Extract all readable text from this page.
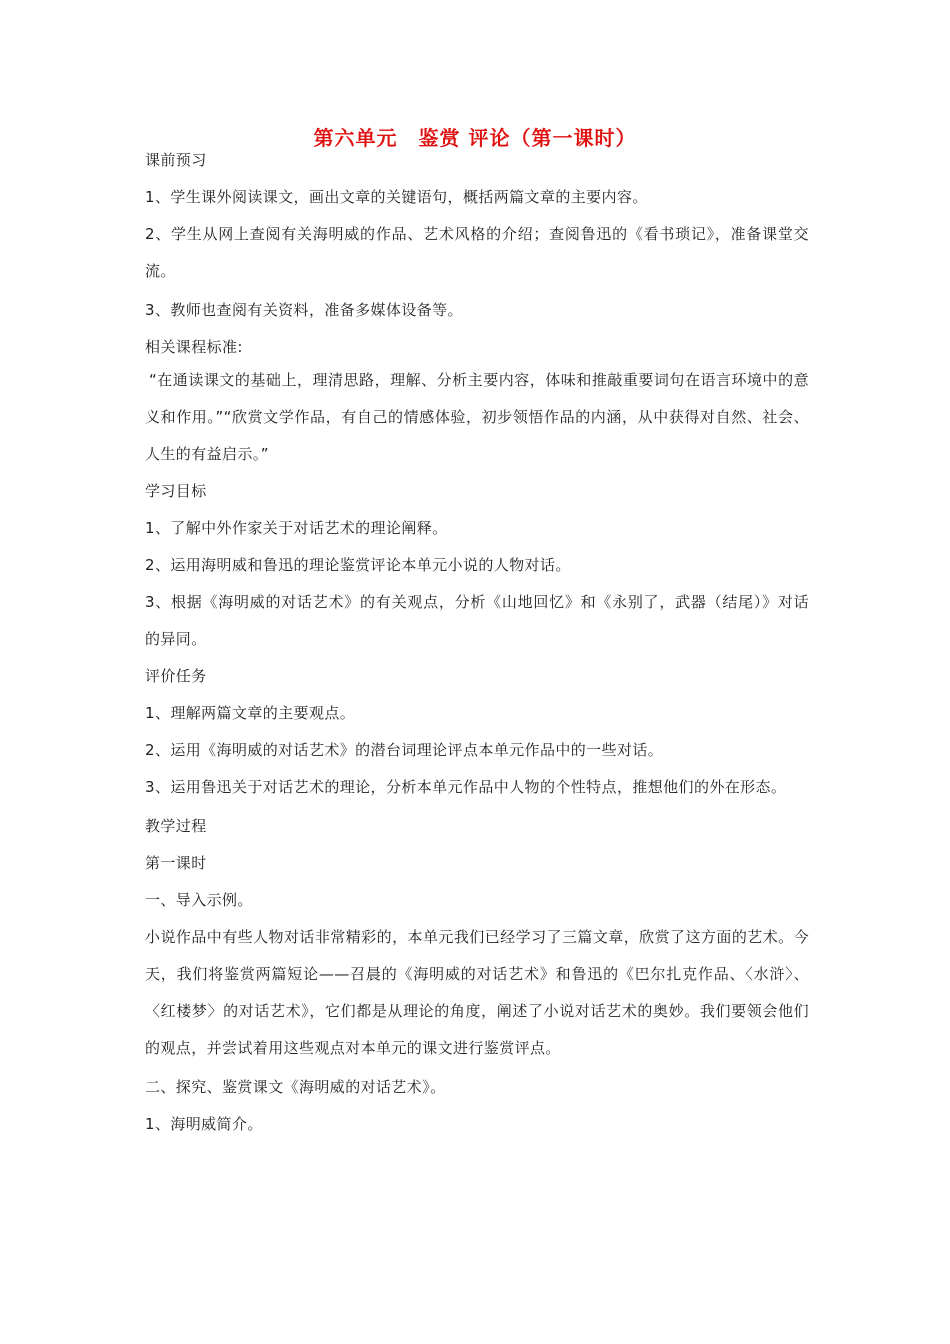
第六单元　鉴赏 评论（第一课时）

课前预习

1、学生课外阅读课文，画出文章的关键语句，概括两篇文章的主要内容。

2、学生从网上查阅有关海明威的作品、艺术风格的介绍；查阅鲁迅的《看书琐记》，准备课堂交流。

3、教师也查阅有关资料，准备多媒体设备等。

相关课程标准:

“在通读课文的基础上，理清思路，理解、分析主要内容，体味和推敲重要词句在语言环境中的意义和作用。”“欣赏文学作品，有自己的情感体验，初步领悟作品的内涵，从中获得对自然、社会、人生的有益启示。”

学习目标

1、了解中外作家关于对话艺术的理论阐释。

2、运用海明威和鲁迅的理论鉴赏评论本单元小说的人物对话。

3、根据《海明威的对话艺术》的有关观点，分析《山地回忆》和《永别了，武器（结尾）》对话的异同。

评价任务

1、理解两篇文章的主要观点。

2、运用《海明威的对话艺术》的潜台词理论评点本单元作品中的一些对话。

3、运用鲁迅关于对话艺术的理论，分析本单元作品中人物的个性特点，推想他们的外在形态。

教学过程

第一课时

一、导入示例。

小说作品中有些人物对话非常精彩的，本单元我们已经学习了三篇文章，欣赏了这方面的艺术。今天，我们将鉴赏两篇短论——召晨的《海明威的对话艺术》和鲁迅的《巴尔扎克作品、〈水浒〉、〈红楼梦〉的对话艺术》，它们都是从理论的角度，阐述了小说对话艺术的奥妙。我们要领会他们的观点，并尝试着用这些观点对本单元的课文进行鉴赏评点。

二、探究、鉴赏课文《海明威的对话艺术》。

1、海明威简介。
